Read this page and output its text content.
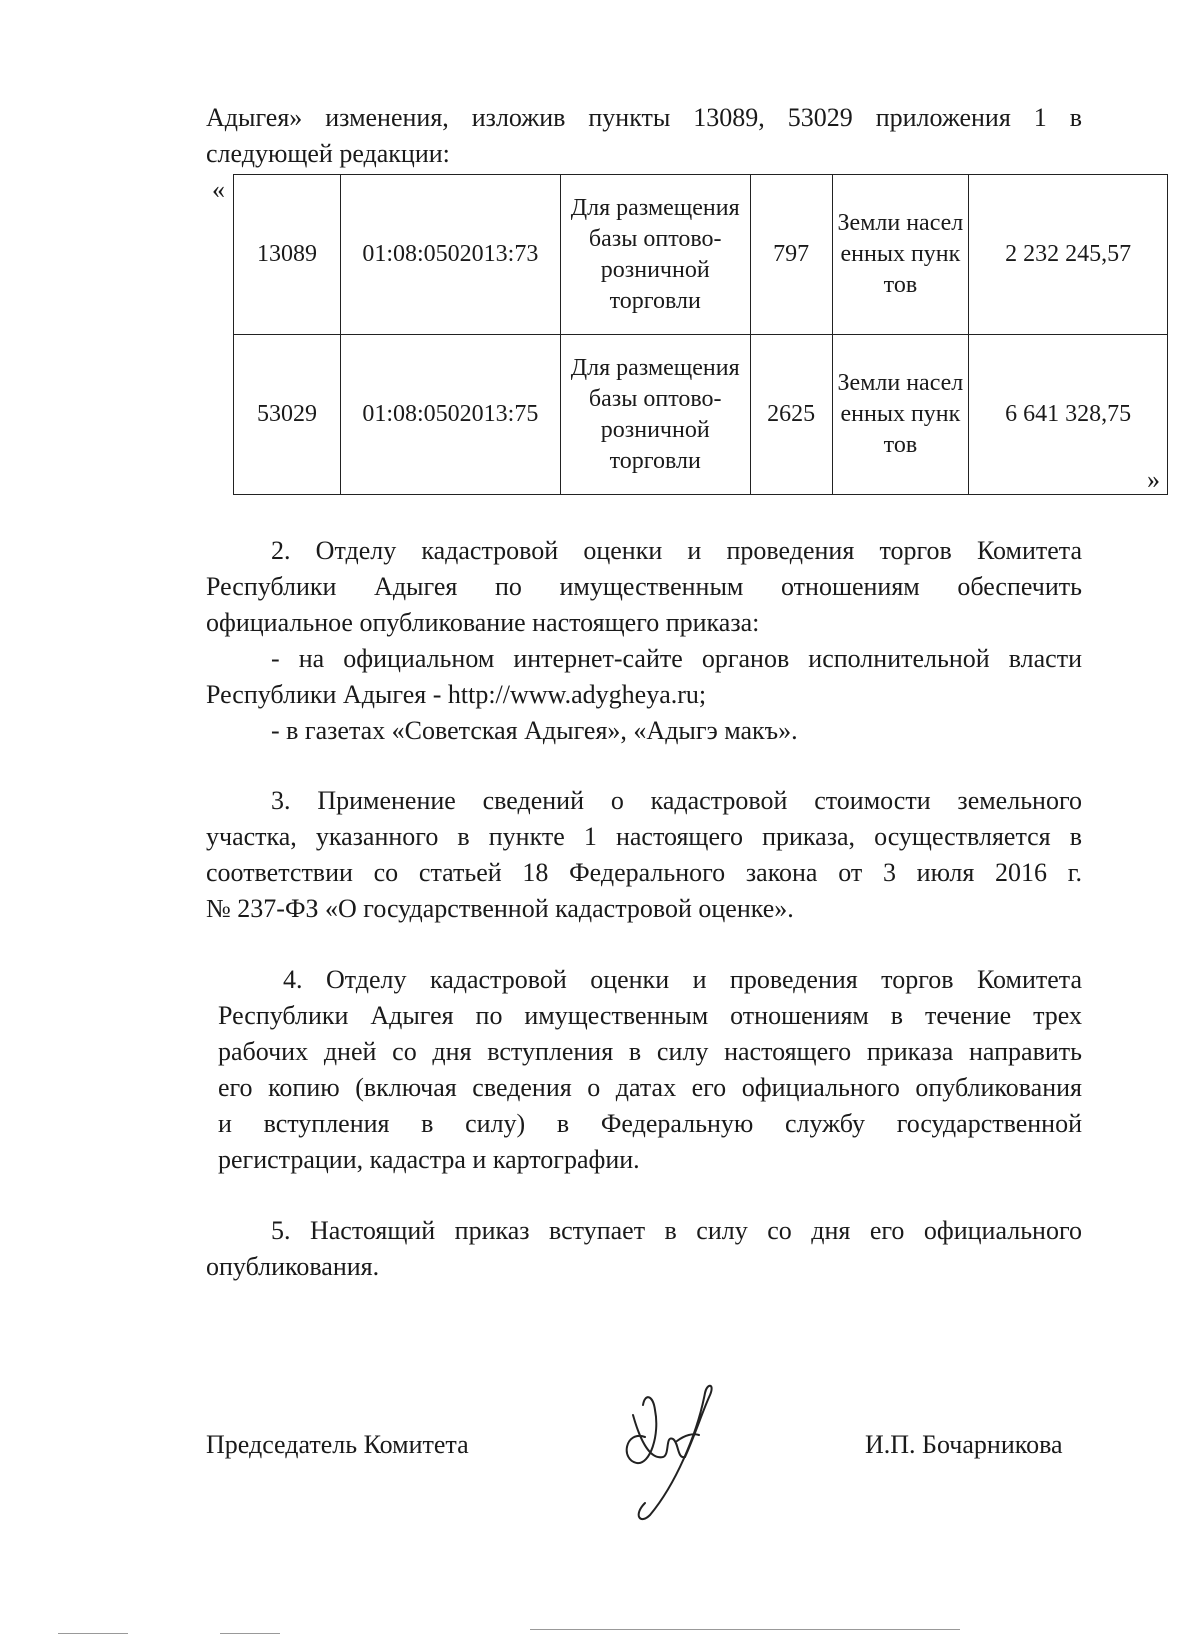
Адыгея» изменения, изложив пункты 13089, 53029 приложения 1 в

следующей редакции:

«
»
13089	01:08:0502013:73	Для размещения базы оптово-розничной торговли	797	Земли населенных пунктов	2 232 245,57
53029	01:08:0502013:75	Для размещения базы оптово-розничной торговли	2625	Земли населенных пунктов	6 641 328,75

2. Отделу кадастровой оценки и проведения торгов Комитета

Республики Адыгея по имущественным отношениям обеспечить

официальное опубликование настоящего приказа:

- на официальном интернет-сайте органов исполнительной власти

Республики Адыгея - http://www.adygheya.ru;

- в газетах «Советская Адыгея», «Адыгэ макъ».

3. Применение сведений о кадастровой стоимости земельного

участка, указанного в пункте 1 настоящего приказа, осуществляется в

соответствии со статьей 18 Федерального закона от 3 июля 2016 г.

№ 237-ФЗ «О государственной кадастровой оценке».

4. Отделу кадастровой оценки и проведения торгов Комитета

Республики Адыгея по имущественным отношениям в течение трех

рабочих дней со дня вступления в силу настоящего приказа направить

его копию (включая сведения о датах его официального опубликования

и вступления в силу) в Федеральную службу государственной

регистрации, кадастра и картографии.

5. Настоящий приказ вступает в силу со дня его официального

опубликования.

Председатель Комитета	И.П. Бочарникова
